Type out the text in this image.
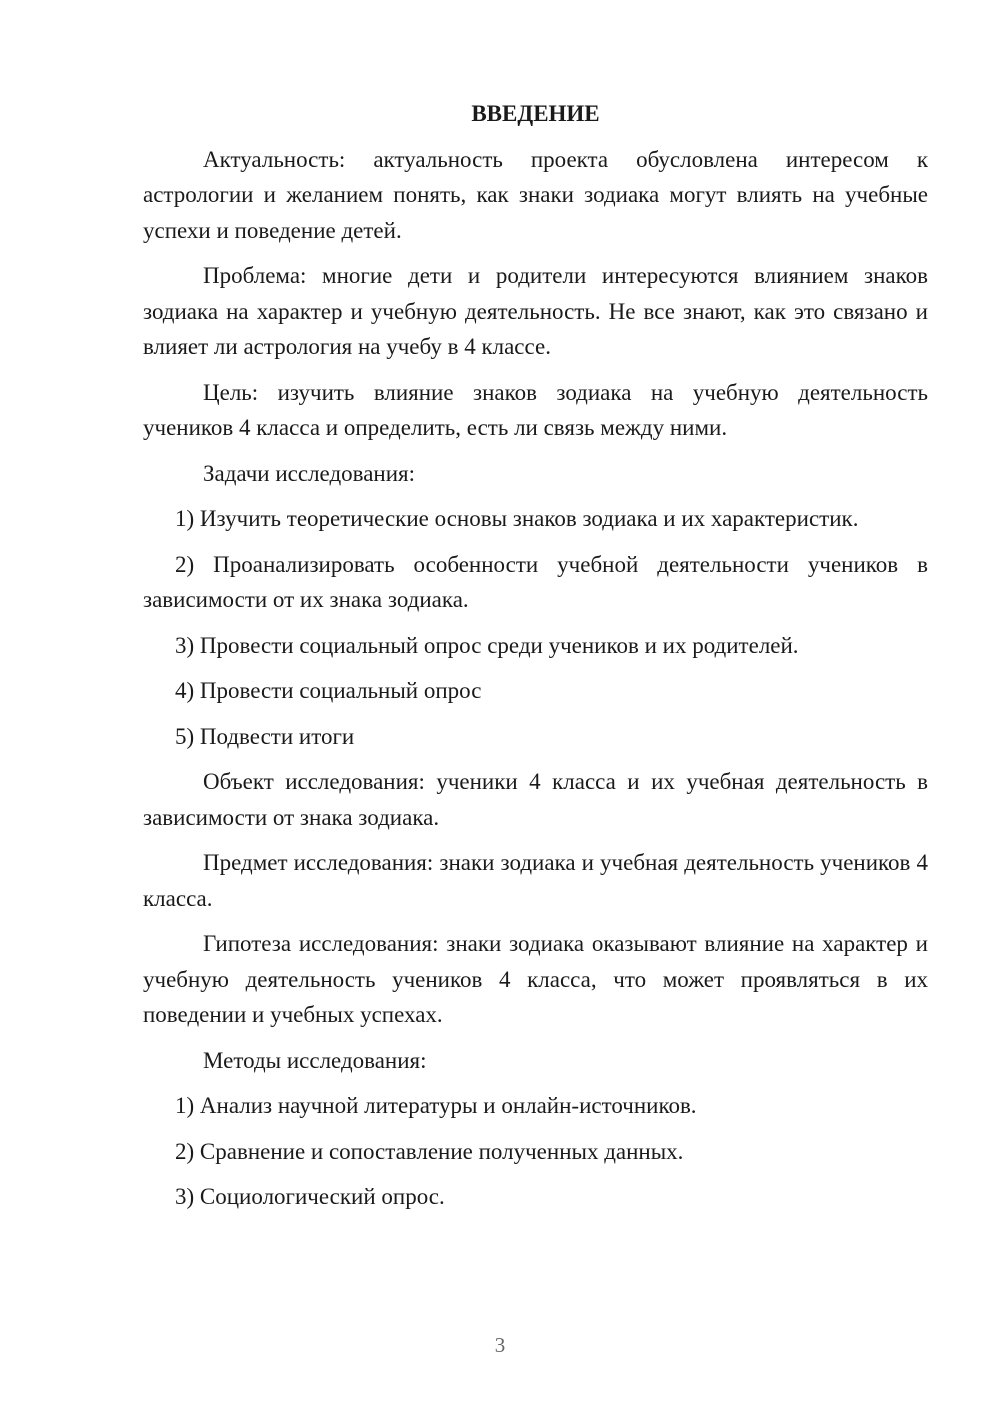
ВВЕДЕНИЕ

Актуальность: актуальность проекта обусловлена интересом к астрологии и желанием понять, как знаки зодиака могут влиять на учебные успехи и поведение детей.

Проблема: многие дети и родители интересуются влиянием знаков зодиака на характер и учебную деятельность. Не все знают, как это связано и влияет ли астрология на учебу в 4 классе.

Цель: изучить влияние знаков зодиака на учебную деятельность учеников 4 класса и определить, есть ли связь между ними.

Задачи исследования:

1) Изучить теоретические основы знаков зодиака и их характеристик.

2) Проанализировать особенности учебной деятельности учеников в зависимости от их знака зодиака.

3) Провести социальный опрос среди учеников и их родителей.

4) Провести социальный опрос

5) Подвести итоги

Объект исследования: ученики 4 класса и их учебная деятельность в зависимости от знака зодиака.

Предмет исследования: знаки зодиака и учебная деятельность учеников 4 класса.

Гипотеза исследования: знаки зодиака оказывают влияние на характер и учебную деятельность учеников 4 класса, что может проявляться в их поведении и учебных успехах.

Методы исследования:

1) Анализ научной литературы и онлайн-источников.

2) Сравнение и сопоставление полученных данных.

3) Социологический опрос.

3
